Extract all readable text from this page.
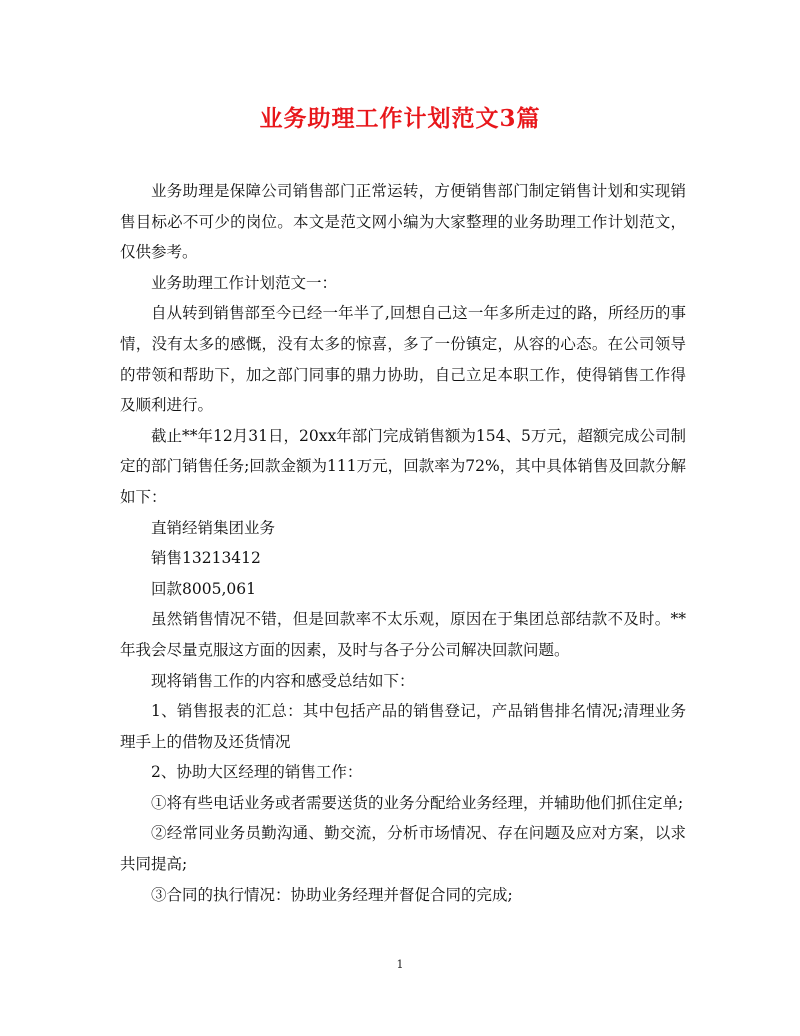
业务助理工作计划范文3篇

业务助理是保障公司销售部门正常运转，方便销售部门制定销售计划和实现销售目标必不可少的岗位。本文是范文网小编为大家整理的业务助理工作计划范文，仅供参考。

业务助理工作计划范文一：

自从转到销售部至今已经一年半了,回想自己这一年多所走过的路，所经历的事情，没有太多的感慨，没有太多的惊喜，多了一份镇定，从容的心态。在公司领导的带领和帮助下，加之部门同事的鼎力协助，自己立足本职工作，使得销售工作得及顺利进行。

截止**年12月31日，20xx年部门完成销售额为154、5万元，超额完成公司制定的部门销售任务;回款金额为111万元，回款率为72%，其中具体销售及回款分解如下：

直销经销集团业务

销售13213412

回款8005,061

虽然销售情况不错，但是回款率不太乐观，原因在于集团总部结款不及时。**年我会尽量克服这方面的因素，及时与各子分公司解决回款问题。

现将销售工作的内容和感受总结如下：

1、销售报表的汇总：其中包括产品的销售登记，产品销售排名情况;清理业务理手上的借物及还货情况

2、协助大区经理的销售工作：

①将有些电话业务或者需要送货的业务分配给业务经理，并辅助他们抓住定单;

②经常同业务员勤沟通、勤交流，分析市场情况、存在问题及应对方案，以求共同提高;

③合同的执行情况：协助业务经理并督促合同的完成;

1
